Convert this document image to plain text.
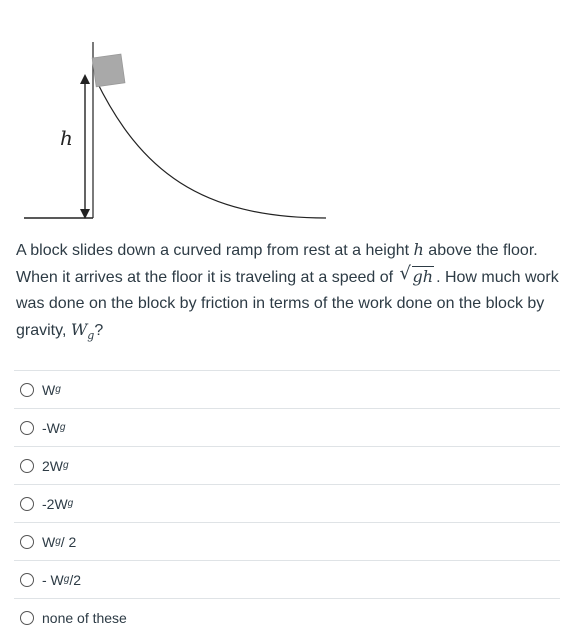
h
A block slides down a curved ramp from rest at a height h above the floor. When it arrives at the floor it is traveling at a speed of √ gh . How much work was done on the block by friction in terms of the work done on the block by gravity, $W_g$?
W g
-W g
2W g
-2W g
W g / 2
- W g /2
none of these
